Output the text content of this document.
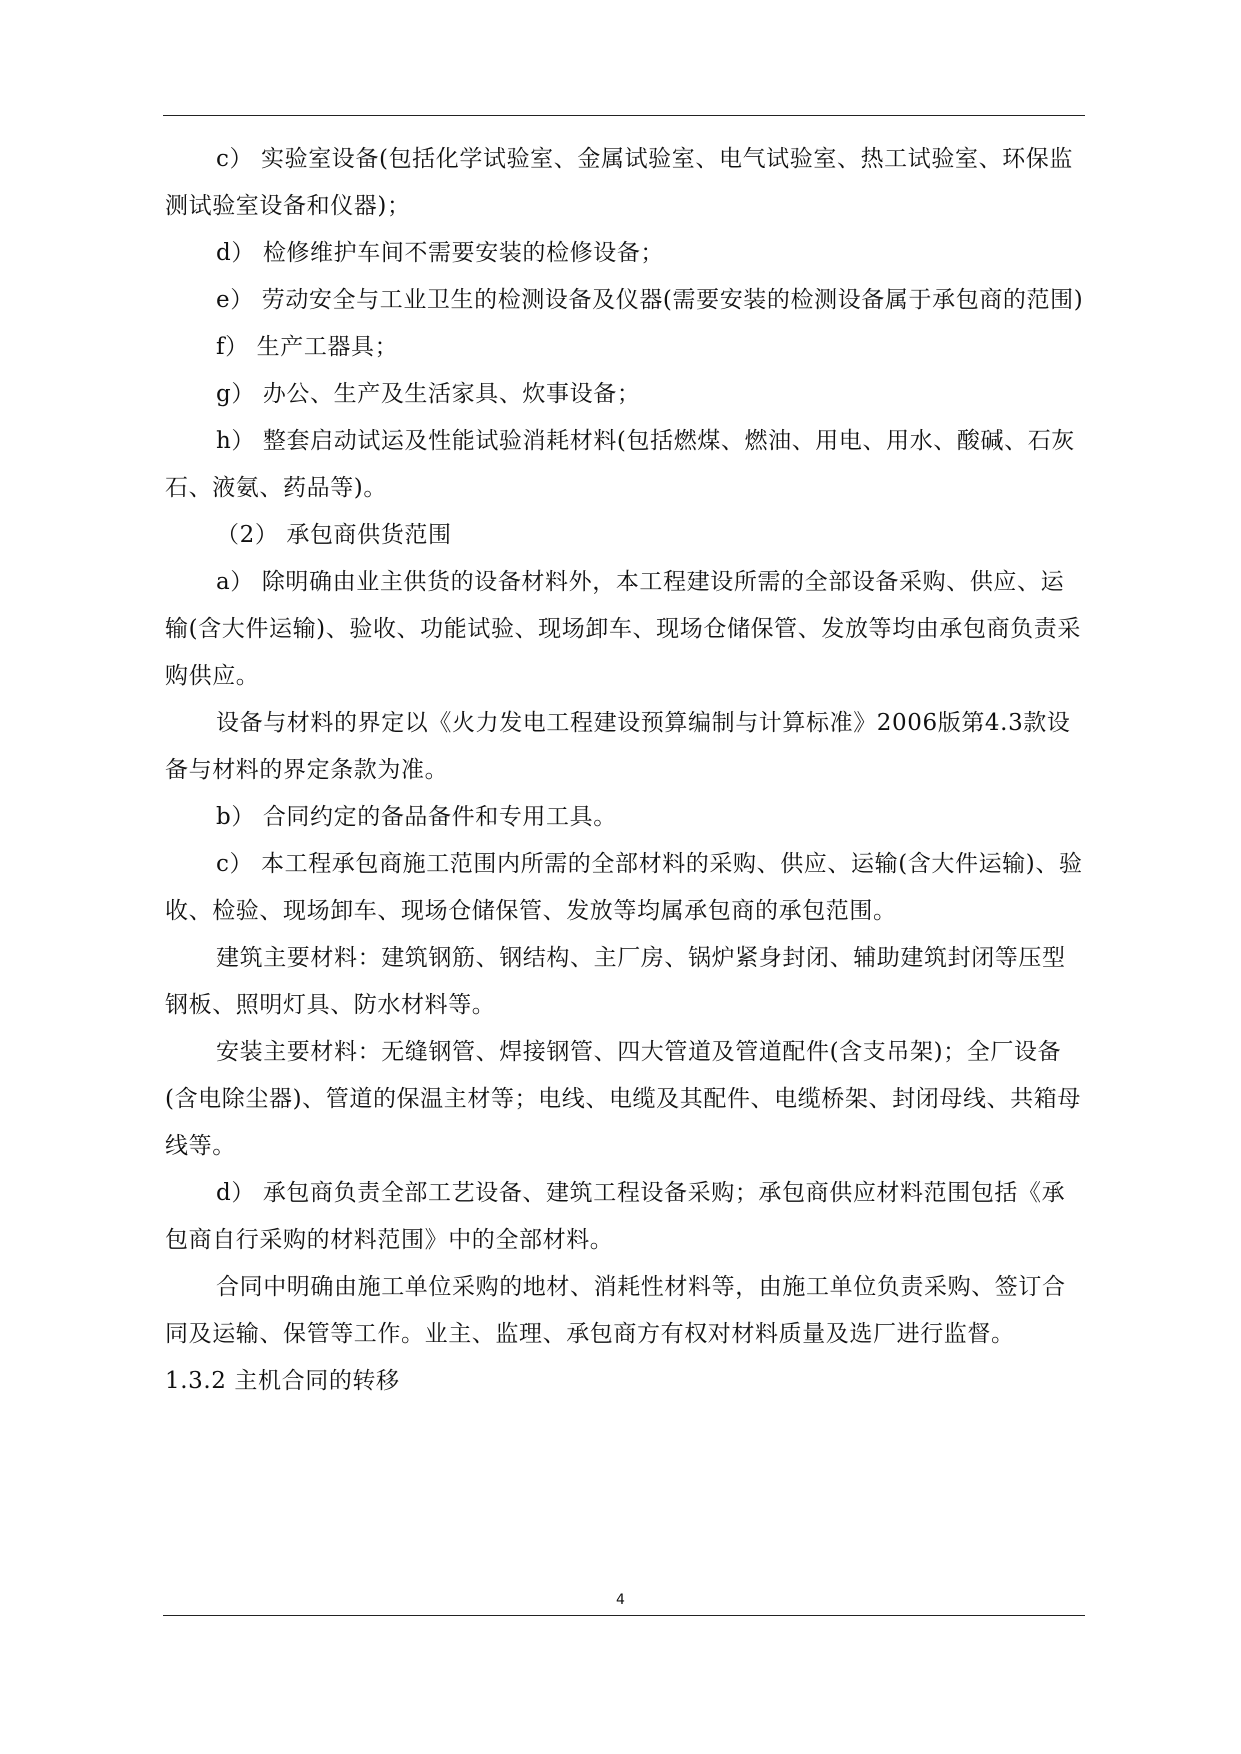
c） 实验室设备(包括化学试验室、金属试验室、电气试验室、热工试验室、环保监测试验室设备和仪器)；

d） 检修维护车间不需要安装的检修设备；

e） 劳动安全与工业卫生的检测设备及仪器(需要安装的检测设备属于承包商的范围)

f） 生产工器具；

g） 办公、生产及生活家具、炊事设备；

h） 整套启动试运及性能试验消耗材料(包括燃煤、燃油、用电、用水、酸碱、石灰石、液氨、药品等)。

（2） 承包商供货范围

a） 除明确由业主供货的设备材料外，本工程建设所需的全部设备采购、供应、运输(含大件运输)、验收、功能试验、现场卸车、现场仓储保管、发放等均由承包商负责采购供应。

设备与材料的界定以《火力发电工程建设预算编制与计算标准》2006版第4.3款设备与材料的界定条款为准。

b） 合同约定的备品备件和专用工具。

c） 本工程承包商施工范围内所需的全部材料的采购、供应、运输(含大件运输)、验收、检验、现场卸车、现场仓储保管、发放等均属承包商的承包范围。

建筑主要材料：建筑钢筋、钢结构、主厂房、锅炉紧身封闭、辅助建筑封闭等压型钢板、照明灯具、防水材料等。

安装主要材料：无缝钢管、焊接钢管、四大管道及管道配件(含支吊架)；全厂设备(含电除尘器)、管道的保温主材等；电线、电缆及其配件、电缆桥架、封闭母线、共箱母线等。

d） 承包商负责全部工艺设备、建筑工程设备采购；承包商供应材料范围包括《承包商自行采购的材料范围》中的全部材料。

合同中明确由施工单位采购的地材、消耗性材料等，由施工单位负责采购、签订合同及运输、保管等工作。业主、监理、承包商方有权对材料质量及选厂进行监督。

1.3.2 主机合同的转移

4
